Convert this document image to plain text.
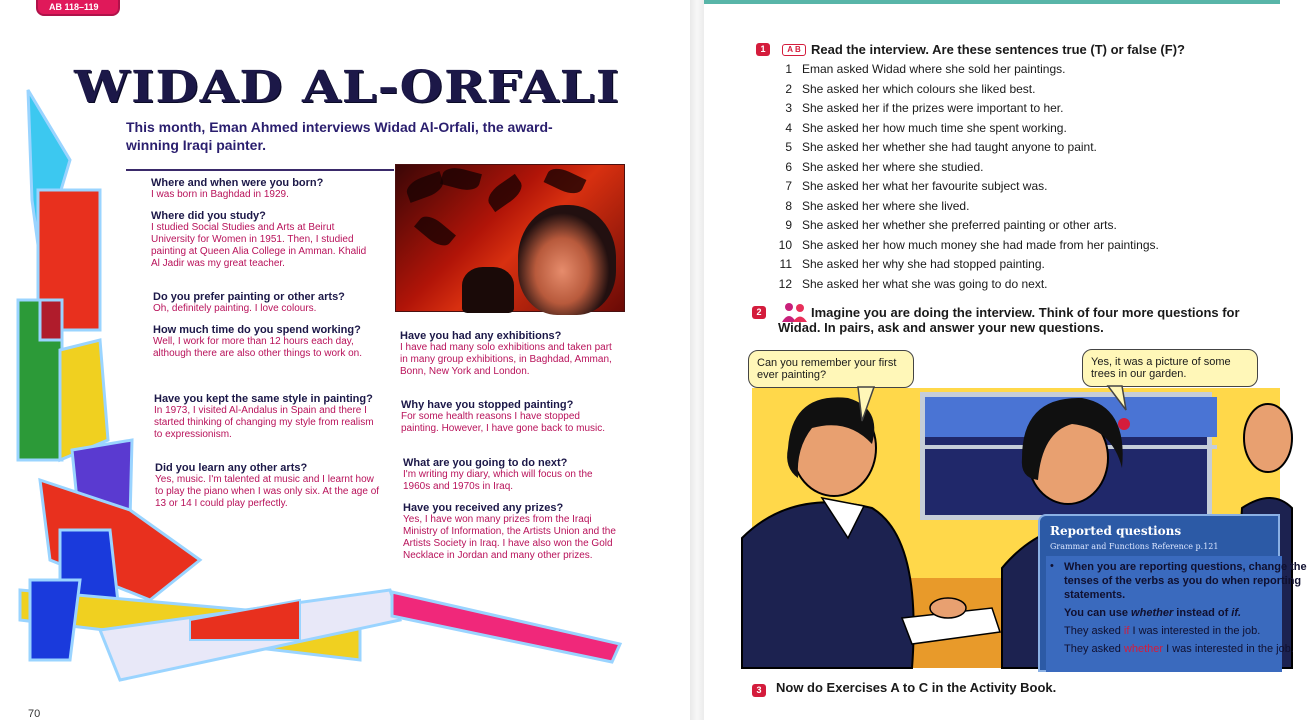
AB 118–119
WIDAD AL-ORFALI
This month, Eman Ahmed interviews Widad Al-Orfali, the award-winning Iraqi painter.
Where and when were you born?
I was born in Baghdad in 1929.
Where did you study?
I studied Social Studies and Arts at Beirut University for Women in 1951. Then, I studied painting at Queen Alia College in Amman. Khalid Al Jadir was my great teacher.
Do you prefer painting or other arts?
Oh, definitely painting. I love colours.
How much time do you spend working?
Well, I work for more than 12 hours each day, although there are also other things to work on.
Have you kept the same style in painting?
In 1973, I visited Al-Andalus in Spain and there I started thinking of changing my style from realism to expressionism.
Did you learn any other arts?
Yes, music. I'm talented at music and I learnt how to play the piano when I was only six. At the age of 13 or 14 I could play perfectly.
Have you had any exhibitions?
I have had many solo exhibitions and taken part in many group exhibitions, in Baghdad, Amman, Bonn, New York and London.
Why have you stopped painting?
For some health reasons I have stopped painting. However, I have gone back to music.
What are you going to do next?
I'm writing my diary, which will focus on the 1960s and 1970s in Iraq.
Have you received any prizes?
Yes, I have won many prizes from the Iraqi Ministry of Information, the Artists Union and the Artists Society in Iraq. I have also won the Gold Necklace in Jordan and many other prizes.
70
1	A B Read the interview. Are these sentences true (T) or false (F)?
1 Eman asked Widad where she sold her paintings.
2 She asked her which colours she liked best.
3 She asked her if the prizes were important to her.
4 She asked her how much time she spent working.
5 She asked her whether she had taught anyone to paint.
6 She asked her where she studied.
7 She asked her what her favourite subject was.
8 She asked her where she lived.
9 She asked her whether she preferred painting or other arts.
10 She asked her how much money she had made from her paintings.
11 She asked her why she had stopped painting.
12 She asked her what she was going to do next.
2	Imagine you are doing the interview. Think of four more questions for
Widad. In pairs, ask and answer your new questions.
Reported questions
Grammar and Functions Reference p.121
• When you are reporting questions, change the
tenses of the verbs as you do when reporting
statements.
You can use whether instead of if.
They asked if I was interested in the job.
They asked whether I was interested in the job.
Can you remember your first ever painting?
Yes, it was a picture of some trees in our garden.
3	Now do Exercises A to C in the Activity Book.
